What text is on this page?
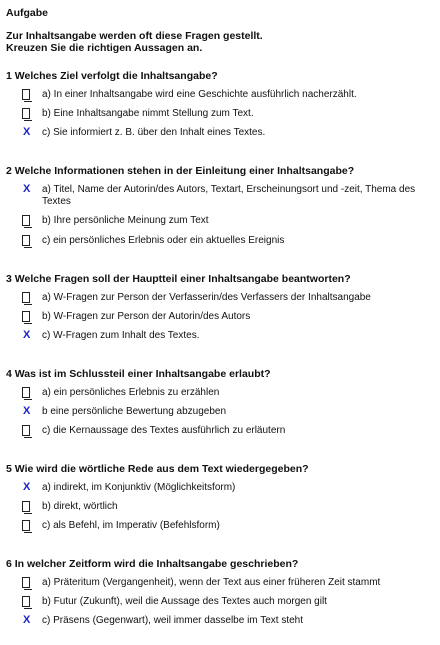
Aufgabe
Zur Inhaltsangabe werden oft diese Fragen gestellt.
Kreuzen Sie die richtigen Aussagen an.
1 Welches Ziel verfolgt die Inhaltsangabe?
a) In einer Inhaltsangabe wird eine Geschichte ausführlich nacherzählt.
b) Eine Inhaltsangabe nimmt Stellung zum Text.
X c) Sie informiert z. B. über den Inhalt eines Textes.
2 Welche Informationen stehen in der Einleitung einer Inhaltsangabe?
X a) Titel, Name der Autorin/des Autors, Textart, Erscheinungsort und -zeit, Thema des Textes
b) Ihre persönliche Meinung zum Text
c) ein persönliches Erlebnis oder ein aktuelles Ereignis
3 Welche Fragen soll der Hauptteil einer Inhaltsangabe beantworten?
a) W-Fragen zur Person der Verfasserin/des Verfassers der Inhaltsangabe
b) W-Fragen zur Person der Autorin/des Autors
X c) W-Fragen zum Inhalt des Textes.
4 Was ist im Schlussteil einer Inhaltsangabe erlaubt?
a) ein persönliches Erlebnis zu erzählen
X b eine persönliche Bewertung abzugeben
c) die Kernaussage des Textes ausführlich zu erläutern
5 Wie wird die wörtliche Rede aus dem Text wiedergegeben?
X a) indirekt, im Konjunktiv (Möglichkeitsform)
b) direkt, wörtlich
c) als Befehl, im Imperativ (Befehlsform)
6 In welcher Zeitform wird die Inhaltsangabe geschrieben?
a) Präteritum (Vergangenheit), wenn der Text aus einer früheren Zeit stammt
b) Futur (Zukunft), weil die Aussage des Textes auch morgen gilt
X c) Präsens (Gegenwart), weil immer dasselbe im Text steht
